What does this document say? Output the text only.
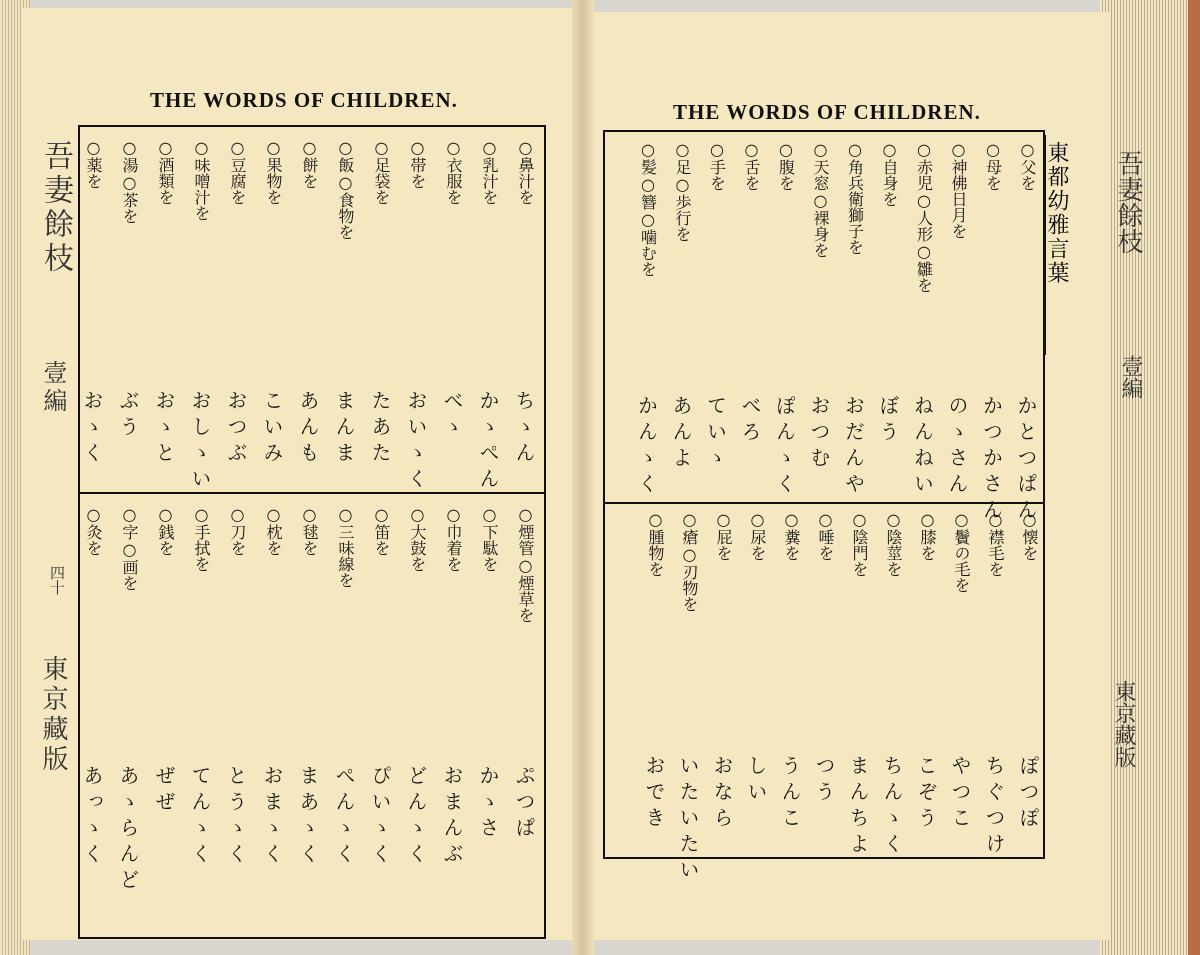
吾妻餘枝
壹編
四十
東京藏版
吾妻餘枝
壹編
東京藏版
THE WORDS OF CHILDREN.	THE WORDS OF CHILDREN.
東都幼雅言葉
○鼻汁を
ちゝん
○乳汁を
かゝぺん
○衣服を
べゝ
○帯を
おいゝく
○足袋を
たあた
○飯○食物を
まんま
○餅を
あんも
○果物を
こいみ
○豆腐を
おつぶ
○味噌汁を
おしゝい
○酒類を
おゝと
○湯○茶を
ぶう
○薬を
おゝく
○煙管○煙草を
ぷつぱ
○下駄を
かゝさ
○巾着を
おまんぶ
○大鼓を
どんゝく
○笛を
ぴいゝく
○三味線を
ぺんゝく
○毬を
まあゝく
○枕を
おまゝく
○刀を
とうゝく
○手拭を
てんゝく
○銭を
ぜぜ
○字○画を
あゝらんど
○灸を
あっゝく
○父を
かとつぱん
○母を
かつかさん
○神佛日月を
のゝさん
○赤児○人形○雛を
ねんねい
○自身を
ぼう
○角兵衛獅子を
おだんや
○天窓○裸身を
おつむ
○腹を
ぽんゝく
○舌を
べろ
○手を
ていゝ
○足○歩行を
あんよ
○髪○簪○噛むを
かんゝく
○懐を
ぽつぽ
○襟毛を
ちぐつけ
○鬢の毛を
やつこ
○膝を
こぞう
○陰莖を
ちんゝく
○陰門を
まんちよ
○唾を
つう
○糞を
うんこ
○尿を
しい
○屁を
おなら
○瘡○刃物を
いたいたい
○腫物を
おでき
